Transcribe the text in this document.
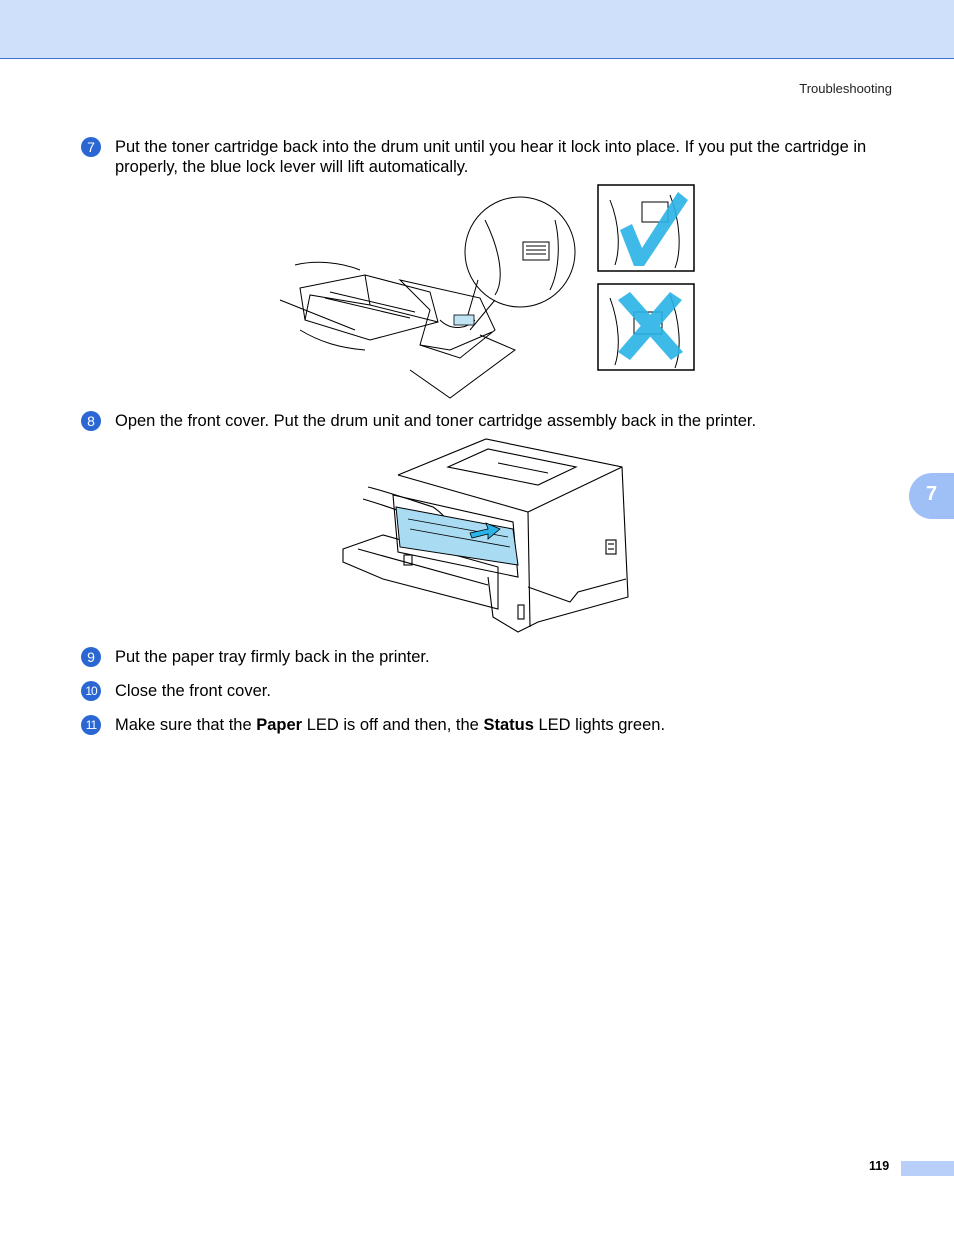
Troubleshooting
7
7	Put the toner cartridge back into the drum unit until you hear it lock into place. If you put the cartridge in properly, the blue lock lever will lift automatically.
8	Open the front cover. Put the drum unit and toner cartridge assembly back in the printer.
9	Put the paper tray firmly back in the printer.
10 Close the front cover.
11 Make sure that the Paper LED is off and then, the Status LED lights green.
119
